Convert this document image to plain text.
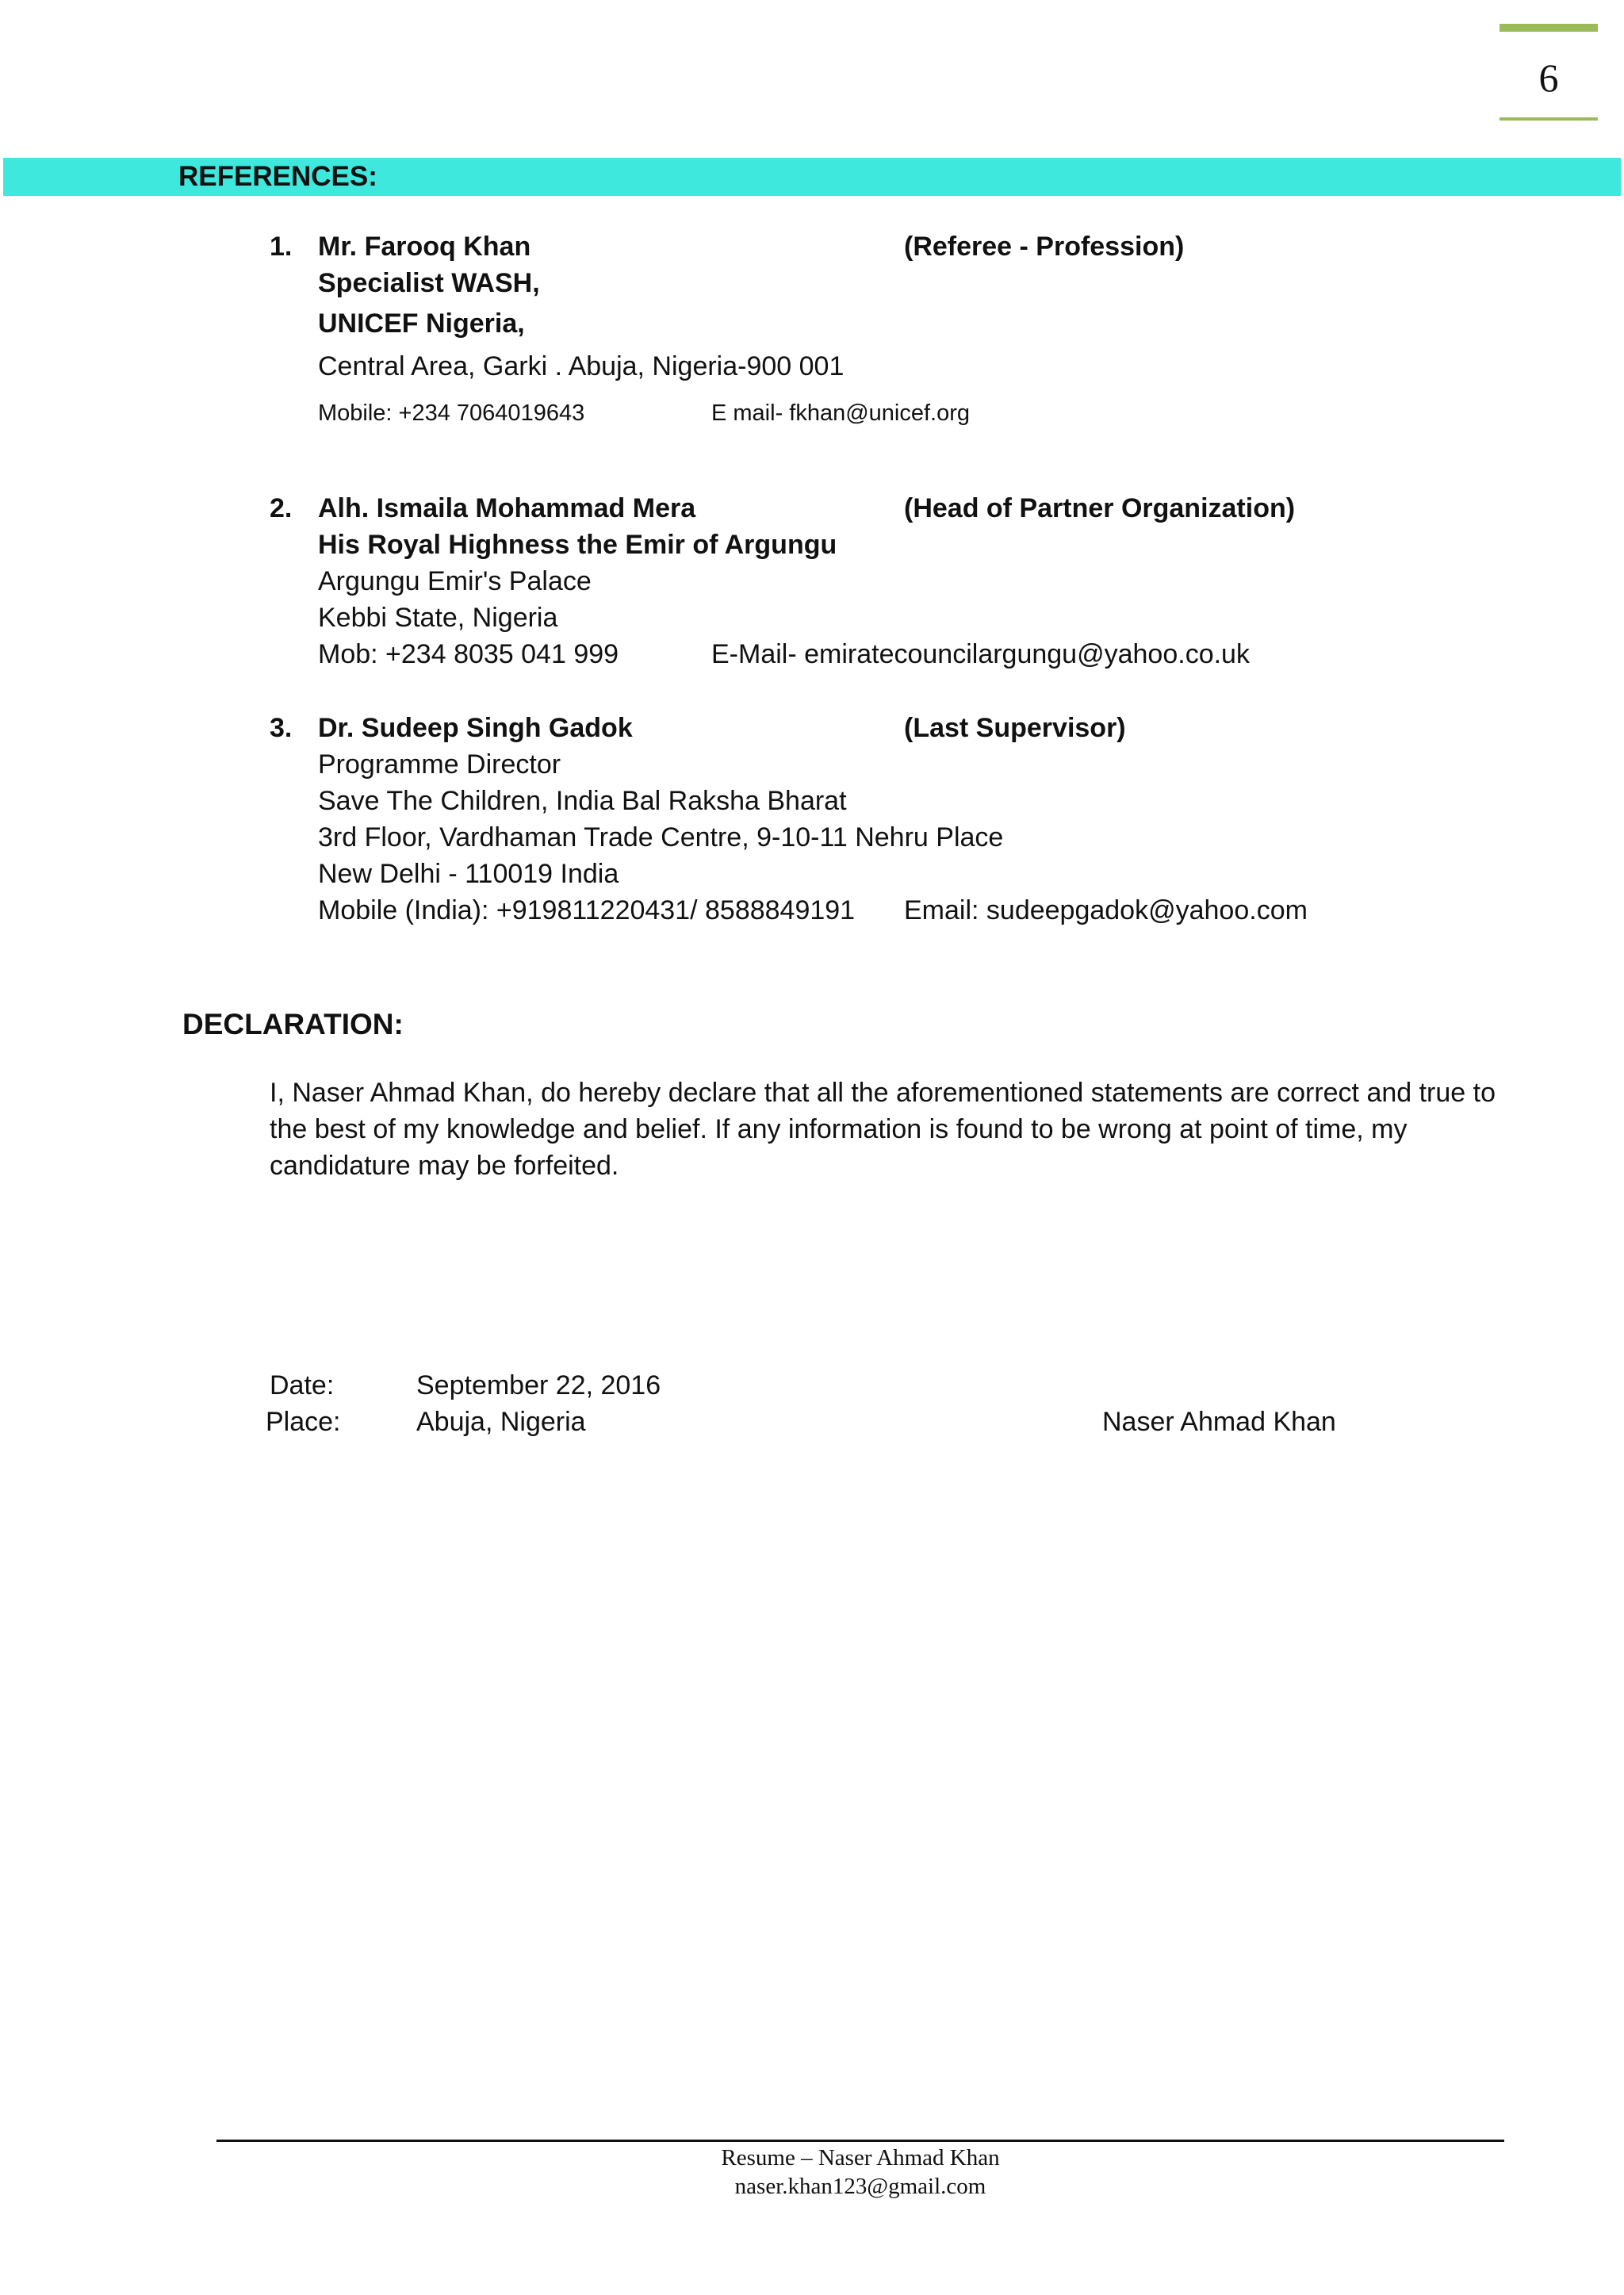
6
REFERENCES:
1. Mr. Farooq Khan	(Referee - Profession)
Specialist WASH,
UNICEF Nigeria,
Central Area, Garki . Abuja, Nigeria-900 001
Mobile: +234 7064019643	E mail- fkhan@unicef.org
2. Alh. Ismaila Mohammad Mera	(Head of Partner Organization)
His Royal Highness the Emir of Argungu
Argungu Emir's Palace
Kebbi State, Nigeria
Mob: +234 8035 041 999	E-Mail- emiratecouncilargungu@yahoo.co.uk
3. Dr. Sudeep Singh Gadok	(Last Supervisor)
Programme Director
Save The Children, India Bal Raksha Bharat
3rd Floor, Vardhaman Trade Centre, 9-10-11 Nehru Place
New Delhi - 110019 India
Mobile (India): +919811220431/ 8588849191 Email: sudeepgadok@yahoo.com
DECLARATION:
I, Naser Ahmad Khan, do hereby declare that all the aforementioned statements are correct and true to the best of my knowledge and belief. If any information is found to be wrong at point of time, my candidature may be forfeited.
Date:	September 22, 2016
Place:	Abuja, Nigeria	Naser Ahmad Khan
Resume – Naser Ahmad Khan
naser.khan123@gmail.com
